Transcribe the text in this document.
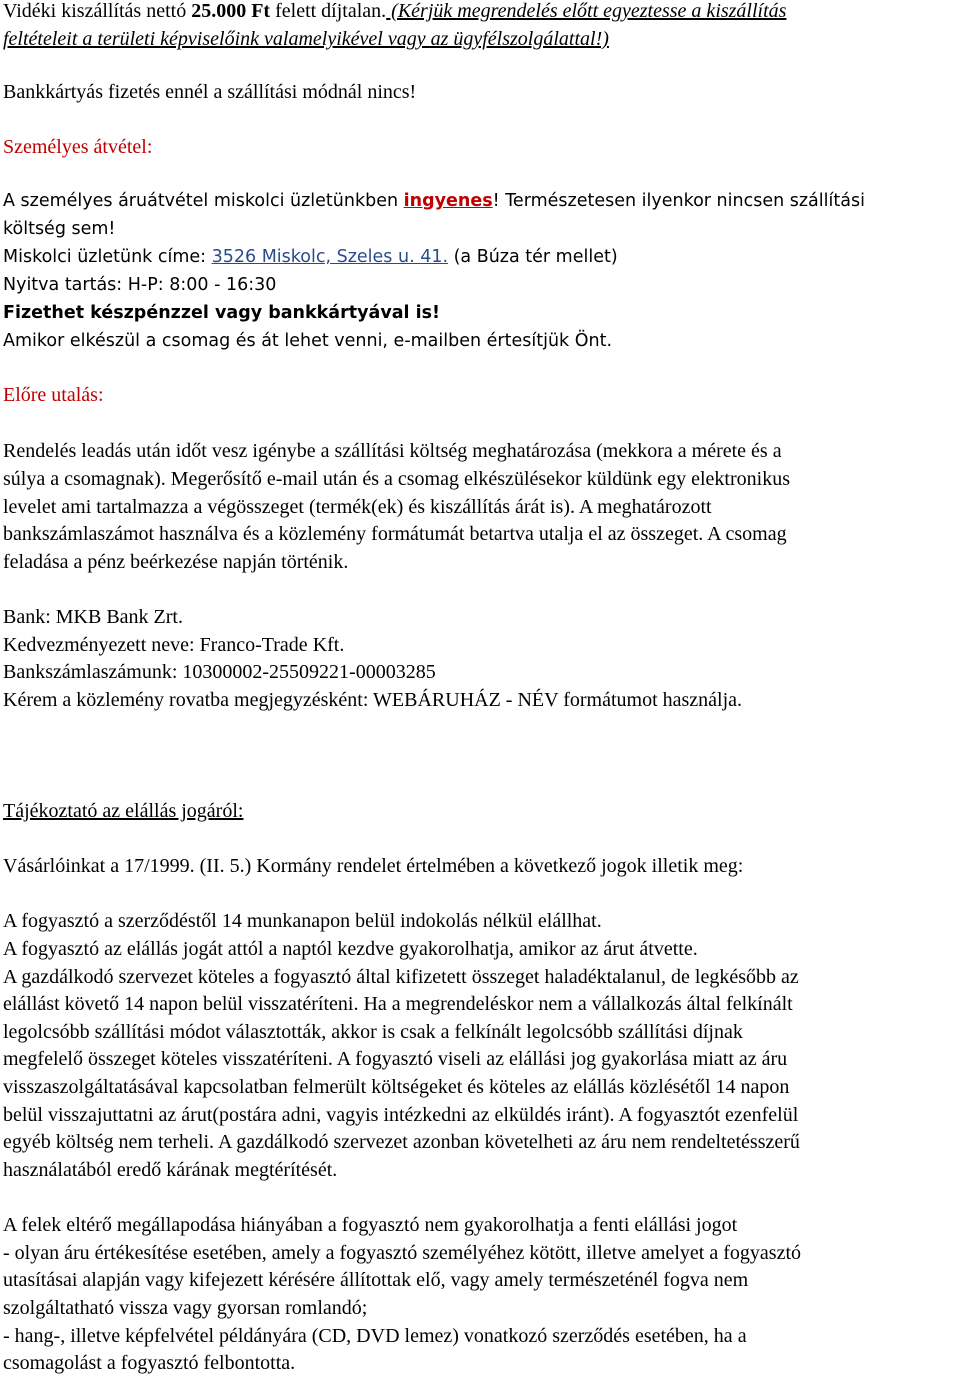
Vidéki kiszállítás nettó 25.000 Ft felett díjtalan. (Kérjük megrendelés előtt egyeztesse a kiszállítás
feltételeit a területi képviselőink valamelyikével vagy az ügyfélszolgálattal!)
Bankkártyás fizetés ennél a szállítási módnál nincs!
Személyes átvétel:
A személyes áruátvétel miskolci üzletünkben ingyenes! Természetesen ilyenkor nincsen szállítási
költség sem!
Miskolci üzletünk címe: 3526 Miskolc, Szeles u. 41. (a Búza tér mellet)
Nyitva tartás: H-P: 8:00 - 16:30
Fizethet készpénzzel vagy bankkártyával is!
Amikor elkészül a csomag és át lehet venni, e-mailben értesítjük Önt.
Előre utalás:
Rendelés leadás után időt vesz igénybe a szállítási költség meghatározása (mekkora a mérete és a
súlya a csomagnak). Megerősítő e-mail után és a csomag elkészülésekor küldünk egy elektronikus
levelet ami tartalmazza a végösszeget (termék(ek) és kiszállítás árát is). A meghatározott
bankszámlaszámot használva és a közlemény formátumát betartva utalja el az összeget. A csomag
feladása a pénz beérkezése napján történik.
Bank: MKB Bank Zrt.
Kedvezményezett neve: Franco-Trade Kft.
Bankszámlaszámunk: 10300002-25509221-00003285
Kérem a közlemény rovatba megjegyzésként: WEBÁRUHÁZ - NÉV formátumot használja.
Tájékoztató az elállás jogáról:
Vásárlóinkat a 17/1999. (II. 5.) Kormány rendelet értelmében a következő jogok illetik meg:
A fogyasztó a szerződéstől 14 munkanapon belül indokolás nélkül elállhat.
A fogyasztó az elállás jogát attól a naptól kezdve gyakorolhatja, amikor az árut átvette.
A gazdálkodó szervezet köteles a fogyasztó által kifizetett összeget haladéktalanul, de legkésőbb az
elállást követő 14 napon belül visszatéríteni. Ha a megrendeléskor nem a vállalkozás által felkínált
legolcsóbb szállítási módot választották, akkor is csak a felkínált legolcsóbb szállítási díjnak
megfelelő összeget köteles visszatéríteni. A fogyasztó viseli az elállási jog gyakorlása miatt az áru
visszaszolgáltatásával kapcsolatban felmerült költségeket és köteles az elállás közlésétől 14 napon
belül visszajuttatni az árut(postára adni, vagyis intézkedni az elküldés iránt). A fogyasztót ezenfelül
egyéb költség nem terheli. A gazdálkodó szervezet azonban követelheti az áru nem rendeltetésszerű
használatából eredő kárának megtérítését.
A felek eltérő megállapodása hiányában a fogyasztó nem gyakorolhatja a fenti elállási jogot
- olyan áru értékesítése esetében, amely a fogyasztó személyéhez kötött, illetve amelyet a fogyasztó
utasításai alapján vagy kifejezett kérésére állítottak elő, vagy amely természeténél fogva nem
szolgáltatható vissza vagy gyorsan romlandó;
- hang-, illetve képfelvétel példányára (CD, DVD lemez) vonatkozó szerződés esetében, ha a
csomagolást a fogyasztó felbontotta.
